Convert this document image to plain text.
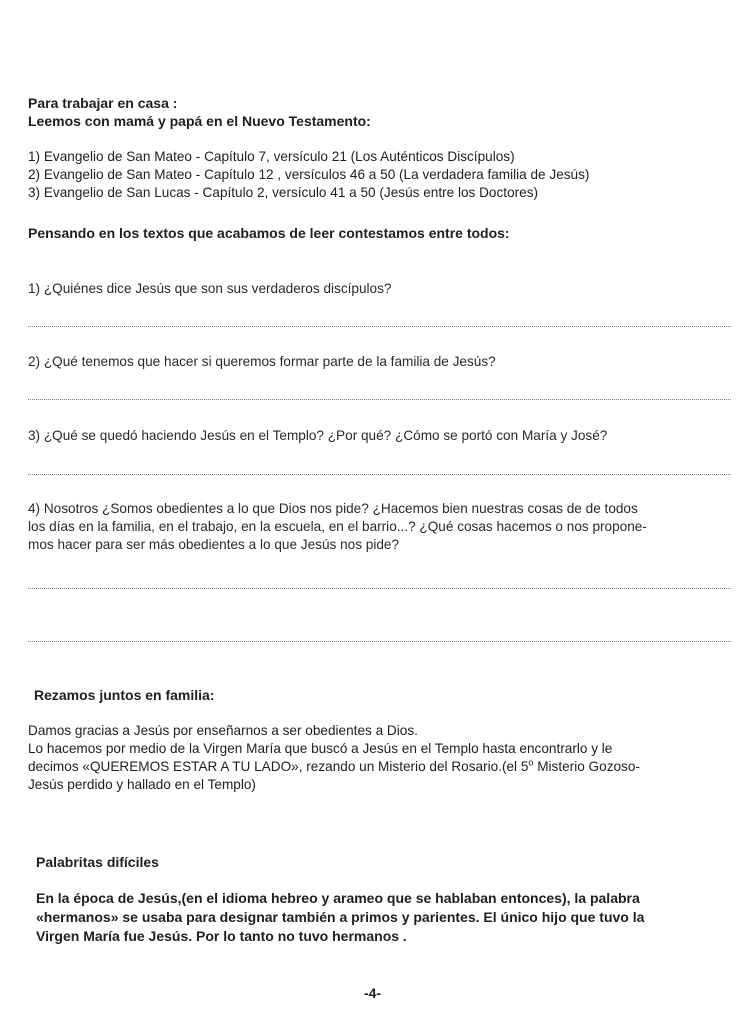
Para trabajar en casa :
Leemos con mamá y papá en el Nuevo Testamento:
1) Evangelio de San Mateo - Capítulo 7, versículo 21 (Los Auténticos Discípulos)
2) Evangelio de San Mateo - Capítulo 12 , versículos 46 a 50 (La verdadera familia de Jesús)
3) Evangelio de San Lucas - Capítulo 2, versículo 41 a 50 (Jesús entre los Doctores)
Pensando en los textos que acabamos de leer contestamos entre todos:
1) ¿Quiénes dice Jesús que son sus verdaderos discípulos?
2) ¿Qué tenemos que hacer si queremos formar parte de la familia de Jesús?
3) ¿Qué se quedó haciendo Jesús en el Templo? ¿Por qué? ¿Cómo se portó con María y José?
4) Nosotros ¿Somos obedientes a lo que Dios nos pide? ¿Hacemos bien nuestras cosas de de todos
los días en la familia, en el trabajo, en la escuela, en el barrio...? ¿Qué cosas hacemos o nos propone-
mos hacer para ser más obedientes a lo que Jesús nos pide?
Rezamos juntos en familia:
Damos gracias a Jesús por enseñarnos a ser obedientes a Dios.
Lo hacemos por medio de la Virgen María que buscó a Jesús en el Templo hasta encontrarlo y le
decimos «QUEREMOS ESTAR A TU LADO», rezando un Misterio del Rosario.(el 5$^o$ Misterio Gozoso-
Jesús perdido y hallado en el Templo)
Palabritas difíciles
En la época de Jesús,(en el idioma hebreo y arameo que se hablaban entonces), la palabra
«hermanos» se usaba para designar también a primos y parientes. El único hijo que tuvo la
Virgen María fue Jesús. Por lo tanto no tuvo hermanos .
-4-
